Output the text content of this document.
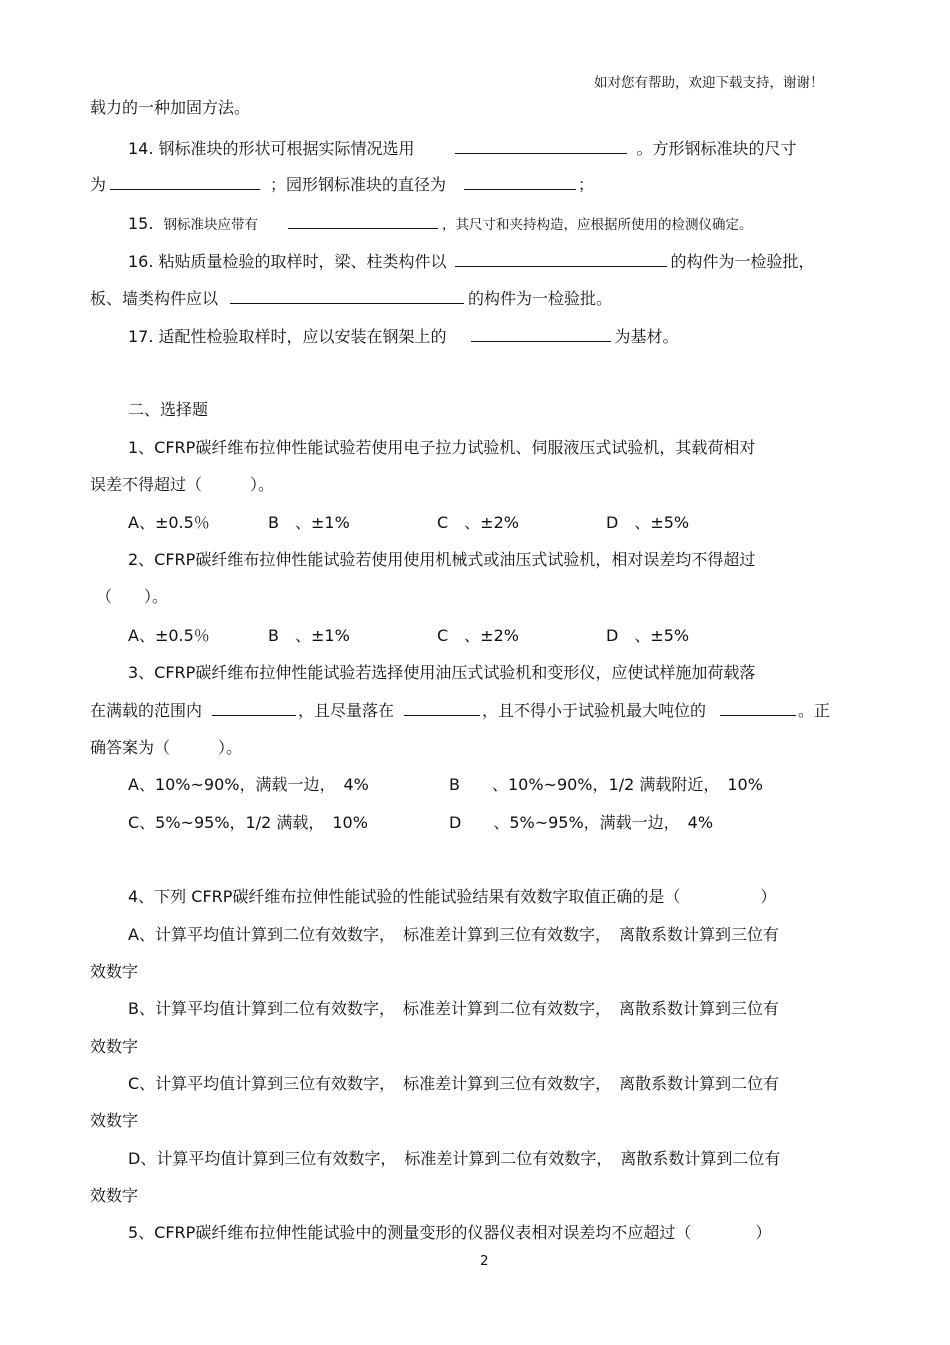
如对您有帮助，欢迎下载支持，谢谢！
载力的一种加固方法。
14. 钢标准块的形状可根据实际情况选用	。方形钢标准块的尺寸
为	；园形钢标准块的直径为	；
15. 钢标准块应带有	，其尺寸和夹持构造，应根据所使用的检测仪确定。
16. 粘贴质量检验的取样时，梁、柱类构件以	的构件为一检验批，
板、墙类构件应以	的构件为一检验批。
17. 适配性检验取样时，应以安装在钢架上的	为基材。
二、选择题
1、CFRP碳纤维布拉伸性能试验若使用电子拉力试验机、伺服液压式试验机，其载荷相对
误差不得超过（　　　）。
A、±0.5％	B　、±1%	C　、±2%	D　、±5%
2、CFRP碳纤维布拉伸性能试验若使用使用机械式或油压式试验机，相对误差均不得超过
（　　）。
A、±0.5％	B　、±1%	C　、±2%	D　、±5%
3、CFRP碳纤维布拉伸性能试验若选择使用油压式试验机和变形仪，应使试样施加荷载落
在满载的范围内	，且尽量落在	，且不得小于试验机最大吨位的	。正
确答案为（　　　）。
A、10%~90%，满载一边，　4%	B　　、10%~90%，1/2 满载附近，　10%
C、5%~95%，1/2 满载，　10%	D　　、5%~95%，满载一边，　4%
4、下列 CFRP碳纤维布拉伸性能试验的性能试验结果有效数字取值正确的是（　　　　　）
A、计算平均值计算到二位有效数字，　标准差计算到三位有效数字，　离散系数计算到三位有
效数字
B、计算平均值计算到二位有效数字，　标准差计算到二位有效数字，　离散系数计算到三位有
效数字
C、计算平均值计算到三位有效数字，　标准差计算到三位有效数字，　离散系数计算到二位有
效数字
D、计算平均值计算到三位有效数字，　标准差计算到二位有效数字，　离散系数计算到二位有
效数字
5、CFRP碳纤维布拉伸性能试验中的测量变形的仪器仪表相对误差均不应超过（　　　　）
2
